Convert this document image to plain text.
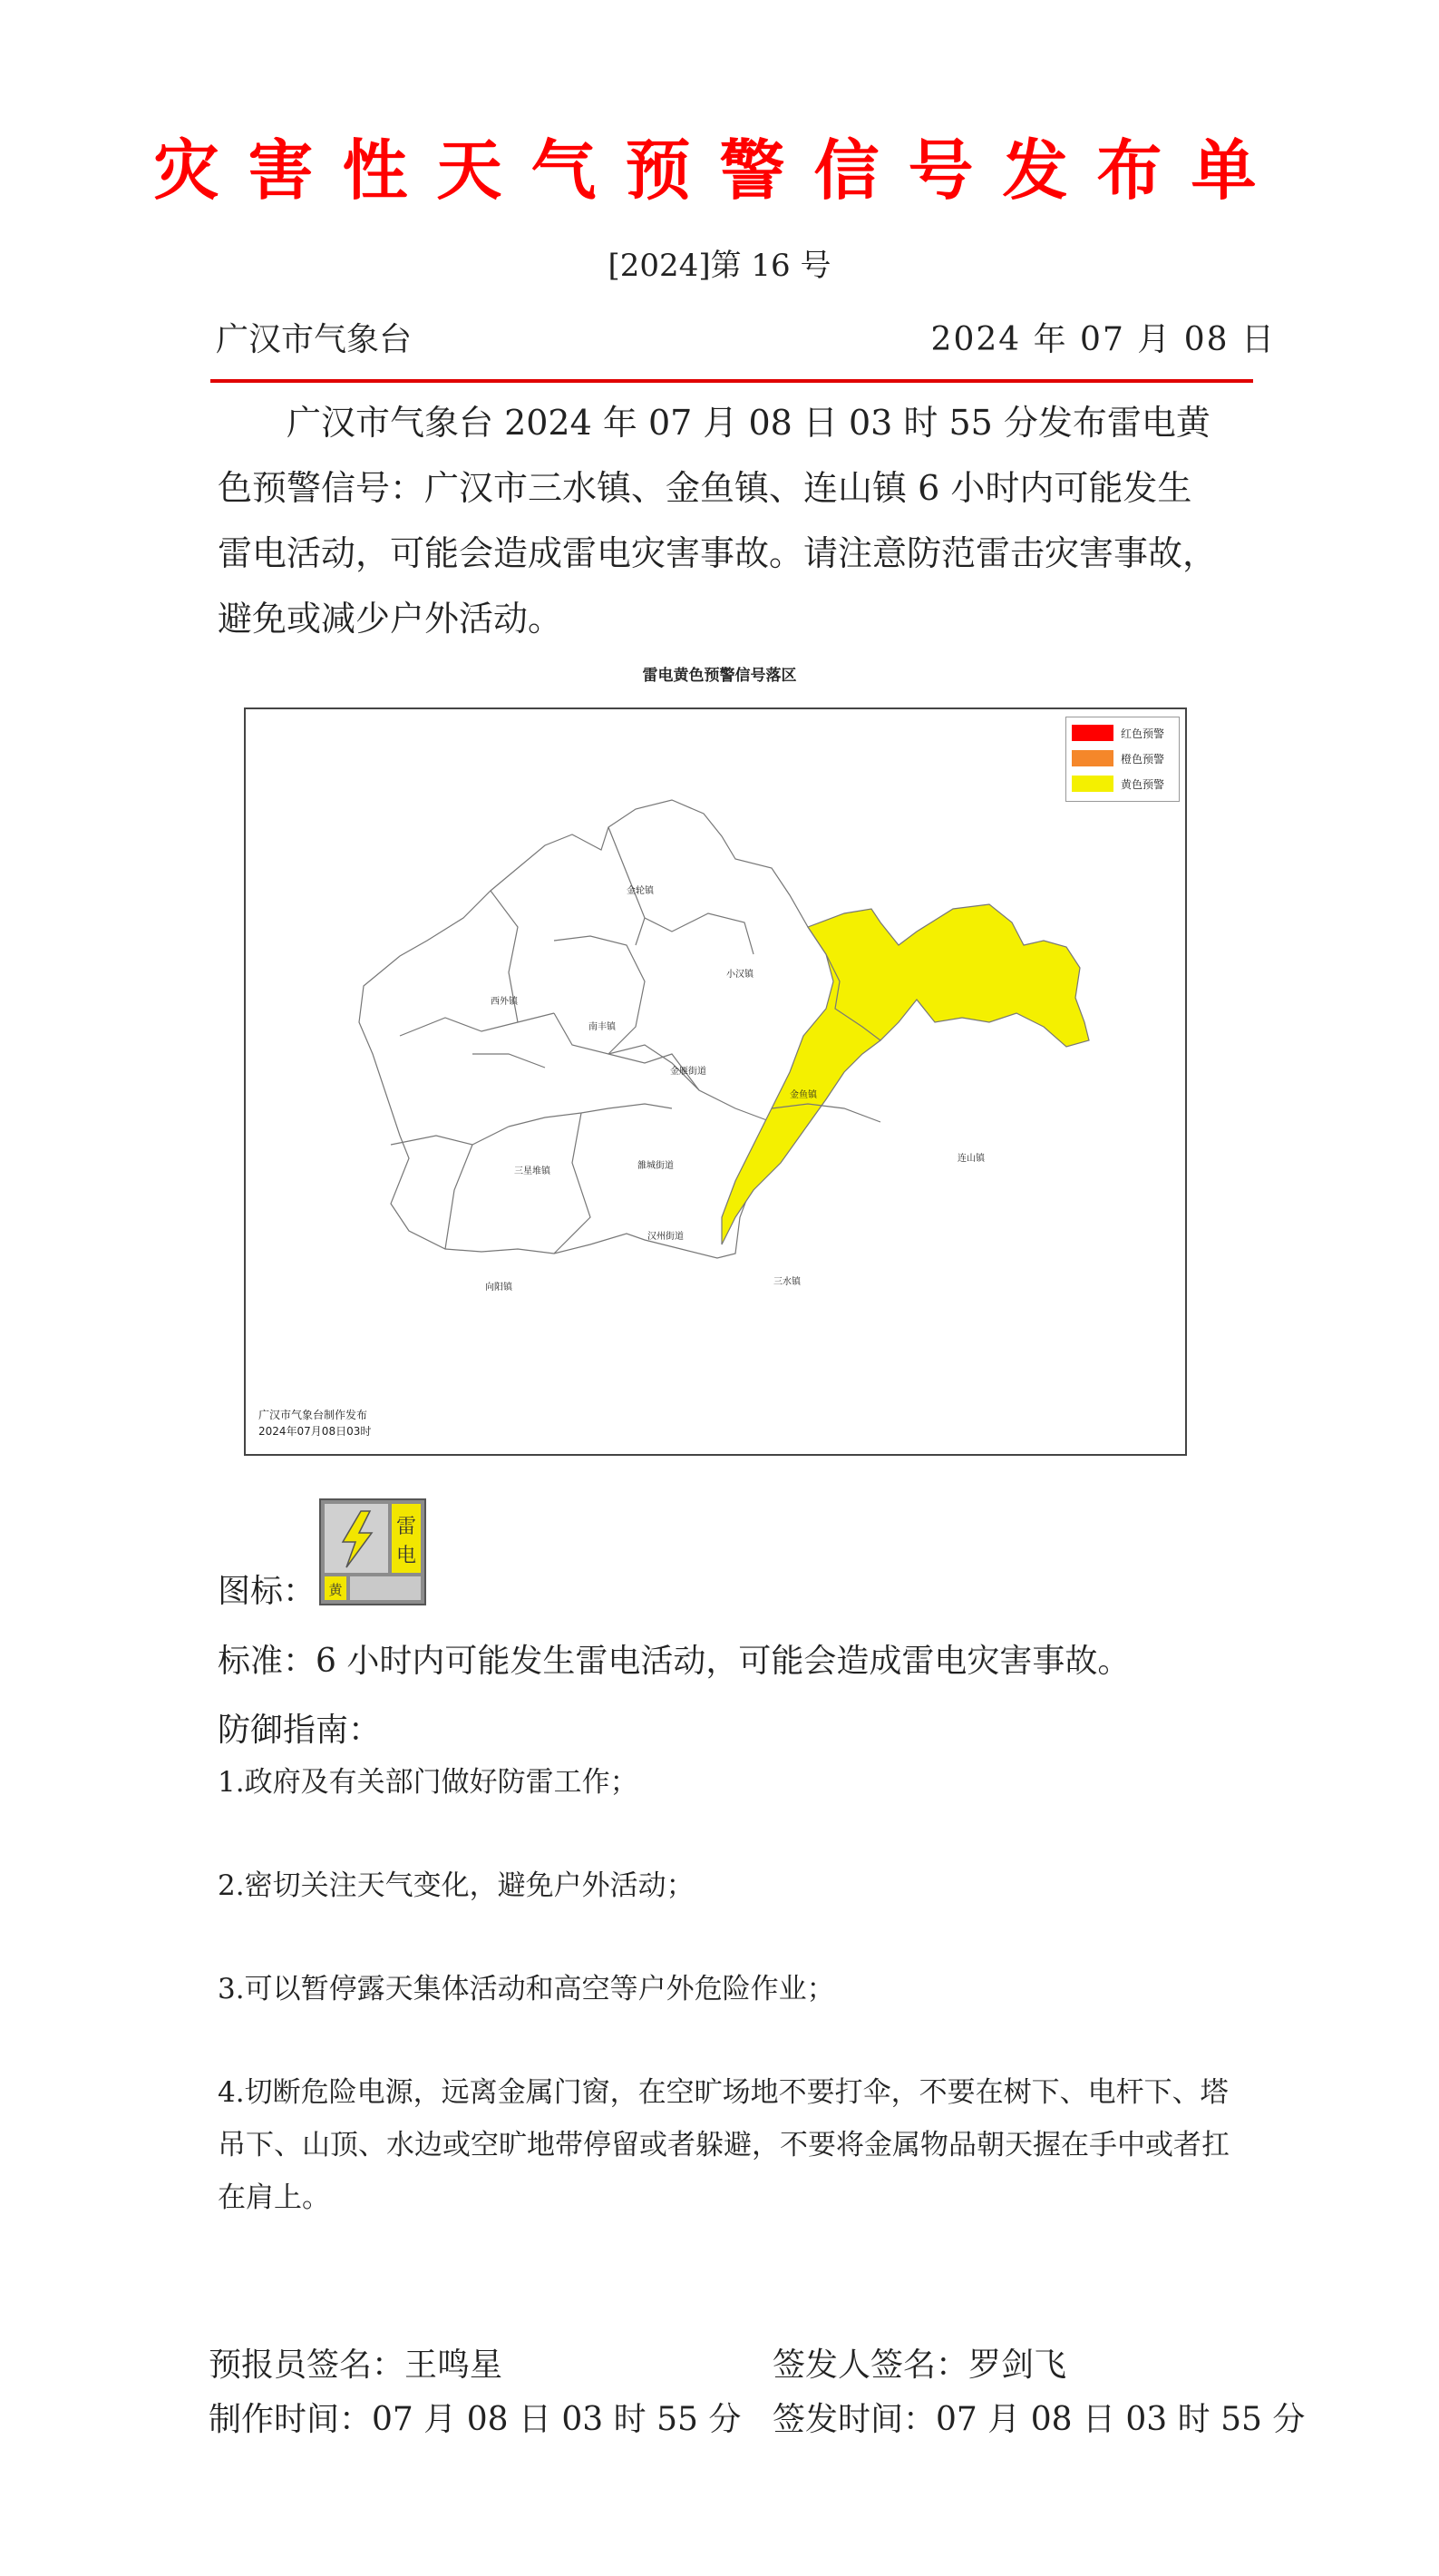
灾害性天气预警信号发布单
[2024]第 16 号
广汉市气象台	2024 年 07 月 08 日
广汉市气象台 2024 年 07 月 08 日 03 时 55 分发布雷电黄色预警信号：广汉市三水镇、金鱼镇、连山镇 6 小时内可能发生雷电活动，可能会造成雷电灾害事故。请注意防范雷击灾害事故，避免或减少户外活动。
雷电黄色预警信号落区
金轮镇
西外镇
南丰镇
小汉镇
金雁街道
金鱼镇
连山镇
三星堆镇
雒城街道
汉州街道
向阳镇
三水镇
红色预警
橙色预警
黄色预警
广汉市气象台制作发布
2024年07月08日03时
图标：
雷
电
黄
标准：6 小时内可能发生雷电活动，可能会造成雷电灾害事故。
防御指南：
1.政府及有关部门做好防雷工作；
2.密切关注天气变化，避免户外活动；
3.可以暂停露天集体活动和高空等户外危险作业；
4.切断危险电源，远离金属门窗，在空旷场地不要打伞，不要在树下、电杆下、塔吊下、山顶、水边或空旷地带停留或者躲避，不要将金属物品朝天握在手中或者扛在肩上。
预报员签名：王鸣星	签发人签名：罗剑飞
制作时间：07 月 08 日 03 时 55 分 签发时间：07 月 08 日 03 时 55 分
